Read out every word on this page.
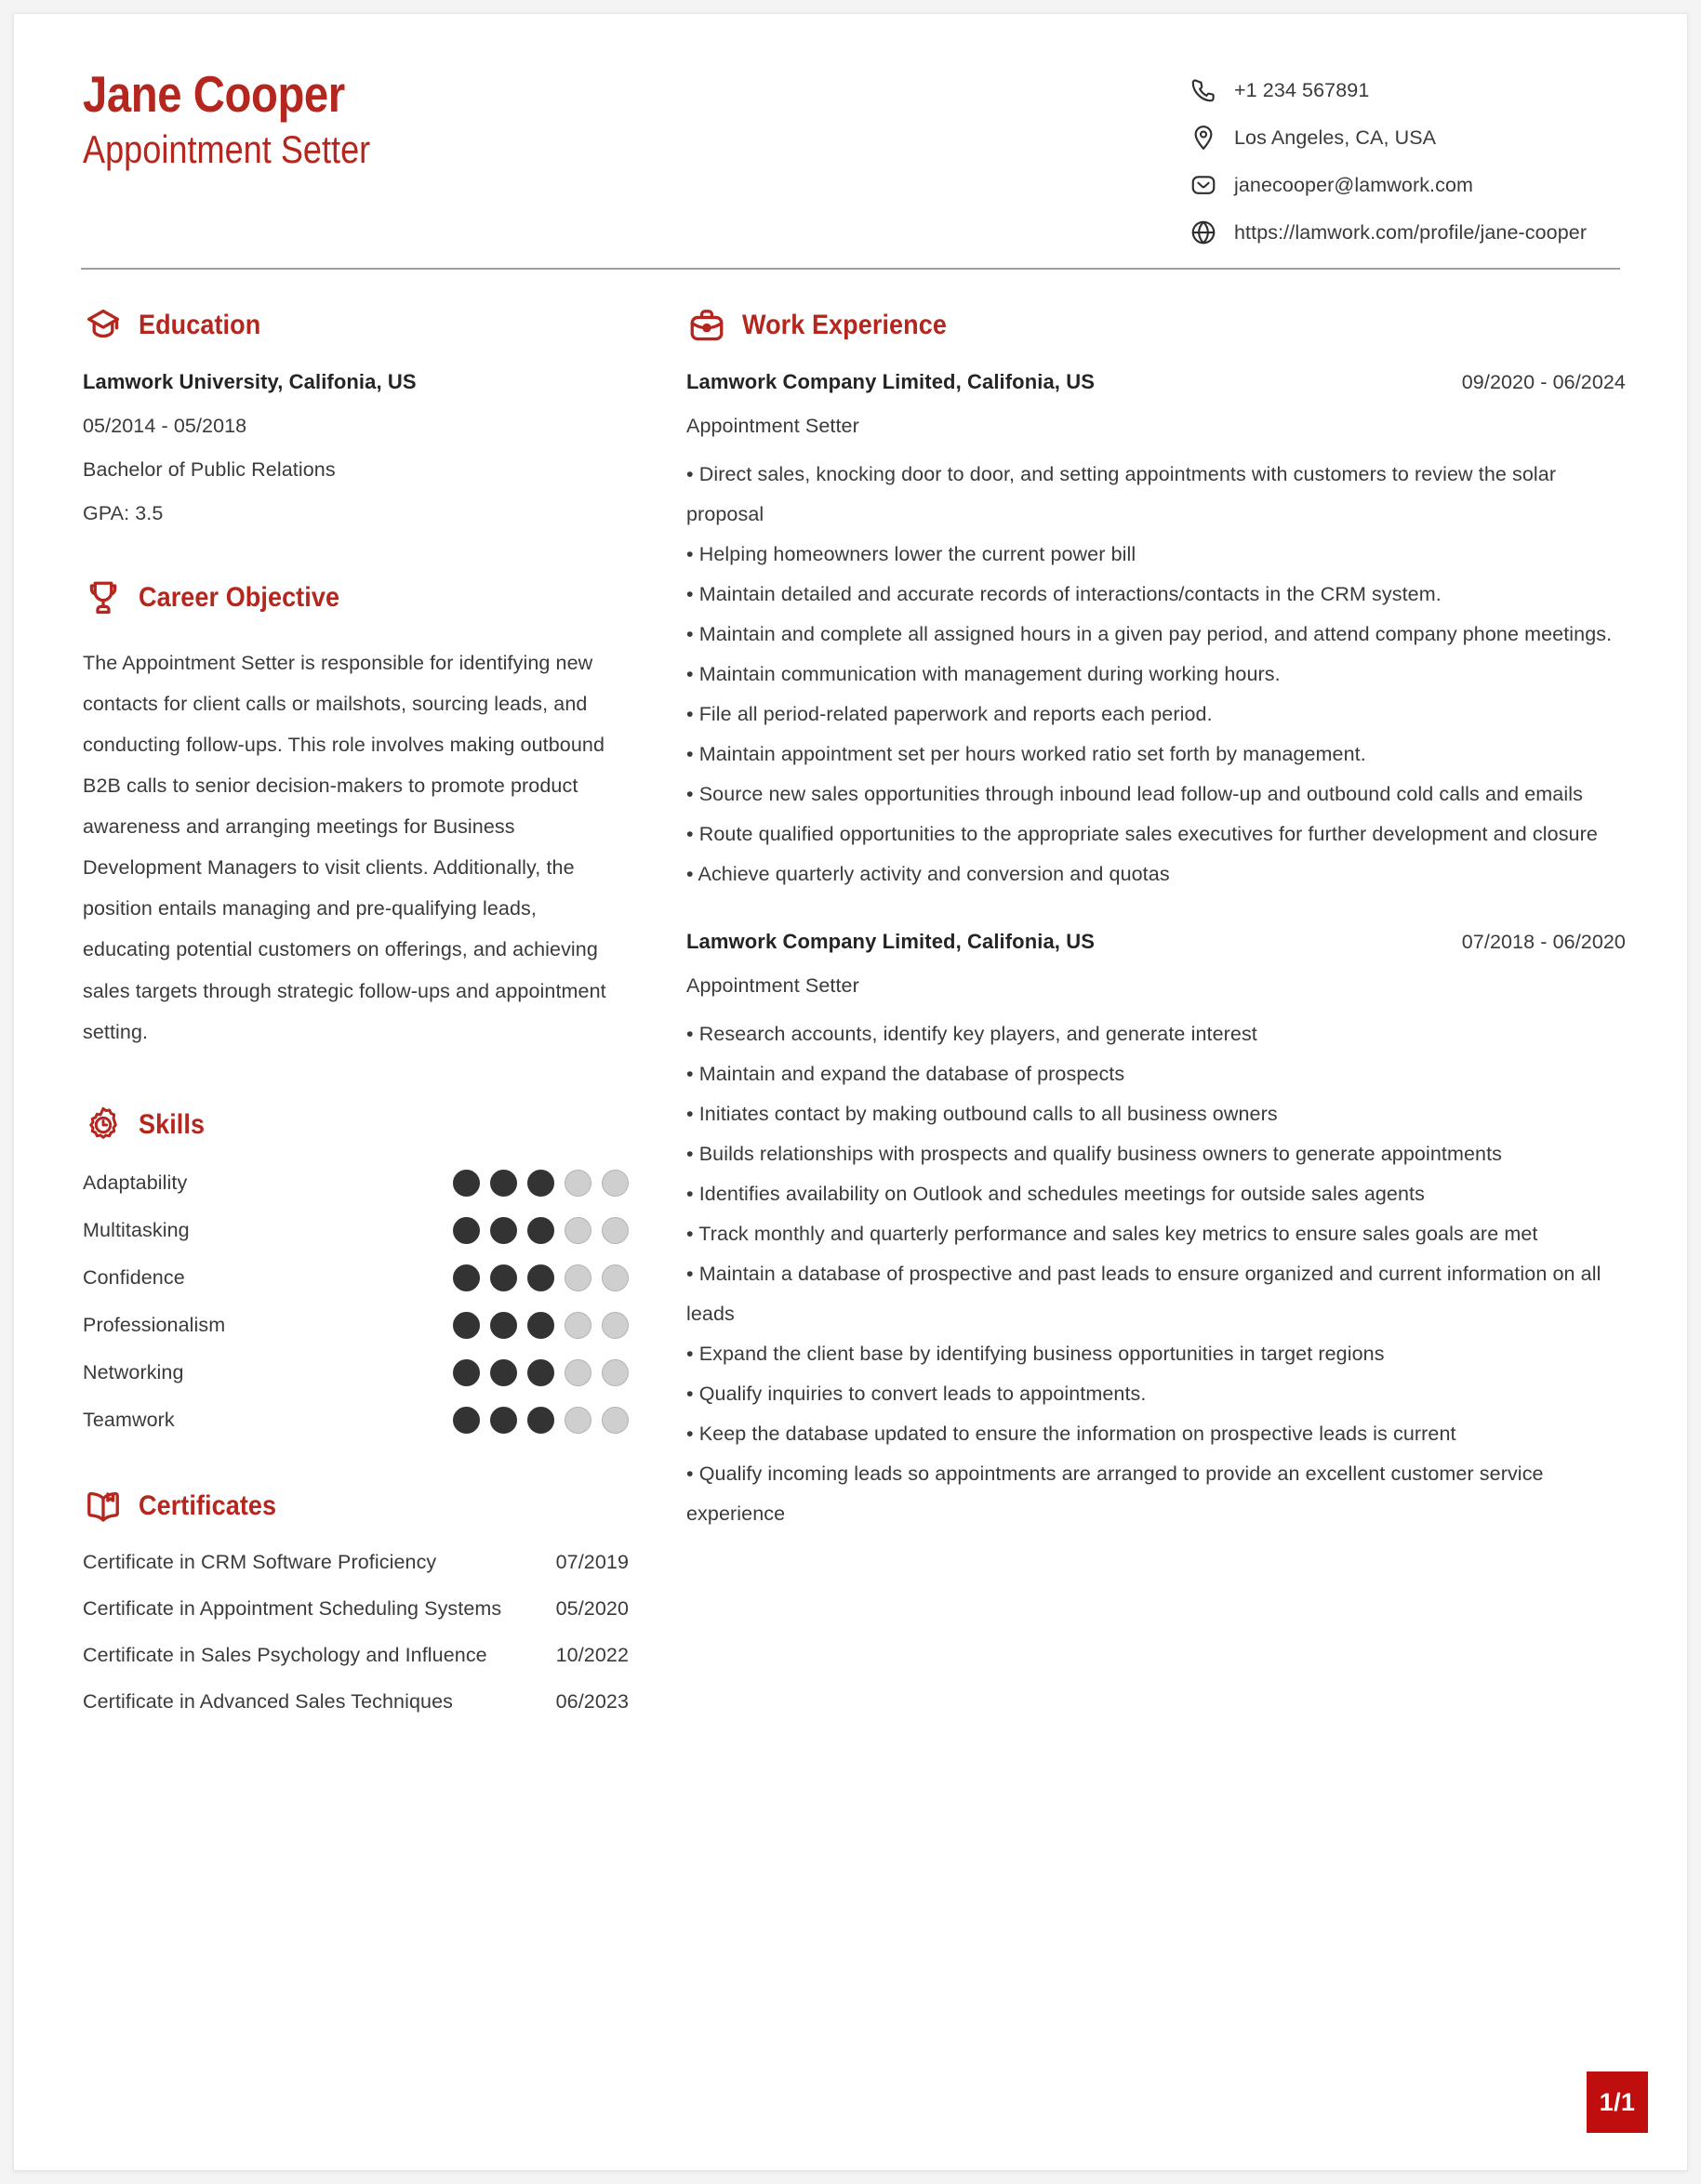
Jane Cooper
Appointment Setter
+1 234 567891
Los Angeles, CA, USA
janecooper@lamwork.com
https://lamwork.com/profile/jane-cooper
Education
Lamwork University, Califonia, US
05/2014 - 05/2018
Bachelor of Public Relations
GPA: 3.5
Career Objective
The Appointment Setter is responsible for identifying new contacts for client calls or mailshots, sourcing leads, and conducting follow-ups. This role involves making outbound B2B calls to senior decision-makers to promote product awareness and arranging meetings for Business Development Managers to visit clients. Additionally, the position entails managing and pre-qualifying leads, educating potential customers on offerings, and achieving sales targets through strategic follow-ups and appointment setting.
Skills
Adaptability
Multitasking
Confidence
Professionalism
Networking
Teamwork
Certificates
Certificate in CRM Software Proficiency	07/2019
Certificate in Appointment Scheduling Systems	05/2020
Certificate in Sales Psychology and Influence	10/2022
Certificate in Advanced Sales Techniques	06/2023
Work Experience
Lamwork Company Limited, Califonia, US	09/2020 - 06/2024
Appointment Setter
• Direct sales, knocking door to door, and setting appointments with customers to review the solar proposal
• Helping homeowners lower the current power bill
• Maintain detailed and accurate records of interactions/contacts in the CRM system.
• Maintain and complete all assigned hours in a given pay period, and attend company phone meetings.
• Maintain communication with management during working hours.
• File all period-related paperwork and reports each period.
• Maintain appointment set per hours worked ratio set forth by management.
• Source new sales opportunities through inbound lead follow-up and outbound cold calls and emails
• Route qualified opportunities to the appropriate sales executives for further development and closure
• Achieve quarterly activity and conversion and quotas
Lamwork Company Limited, Califonia, US	07/2018 - 06/2020
Appointment Setter
• Research accounts, identify key players, and generate interest
• Maintain and expand the database of prospects
• Initiates contact by making outbound calls to all business owners
• Builds relationships with prospects and qualify business owners to generate appointments
• Identifies availability on Outlook and schedules meetings for outside sales agents
• Track monthly and quarterly performance and sales key metrics to ensure sales goals are met
• Maintain a database of prospective and past leads to ensure organized and current information on all leads
• Expand the client base by identifying business opportunities in target regions
• Qualify inquiries to convert leads to appointments.
• Keep the database updated to ensure the information on prospective leads is current
• Qualify incoming leads so appointments are arranged to provide an excellent customer service experience
1/1
